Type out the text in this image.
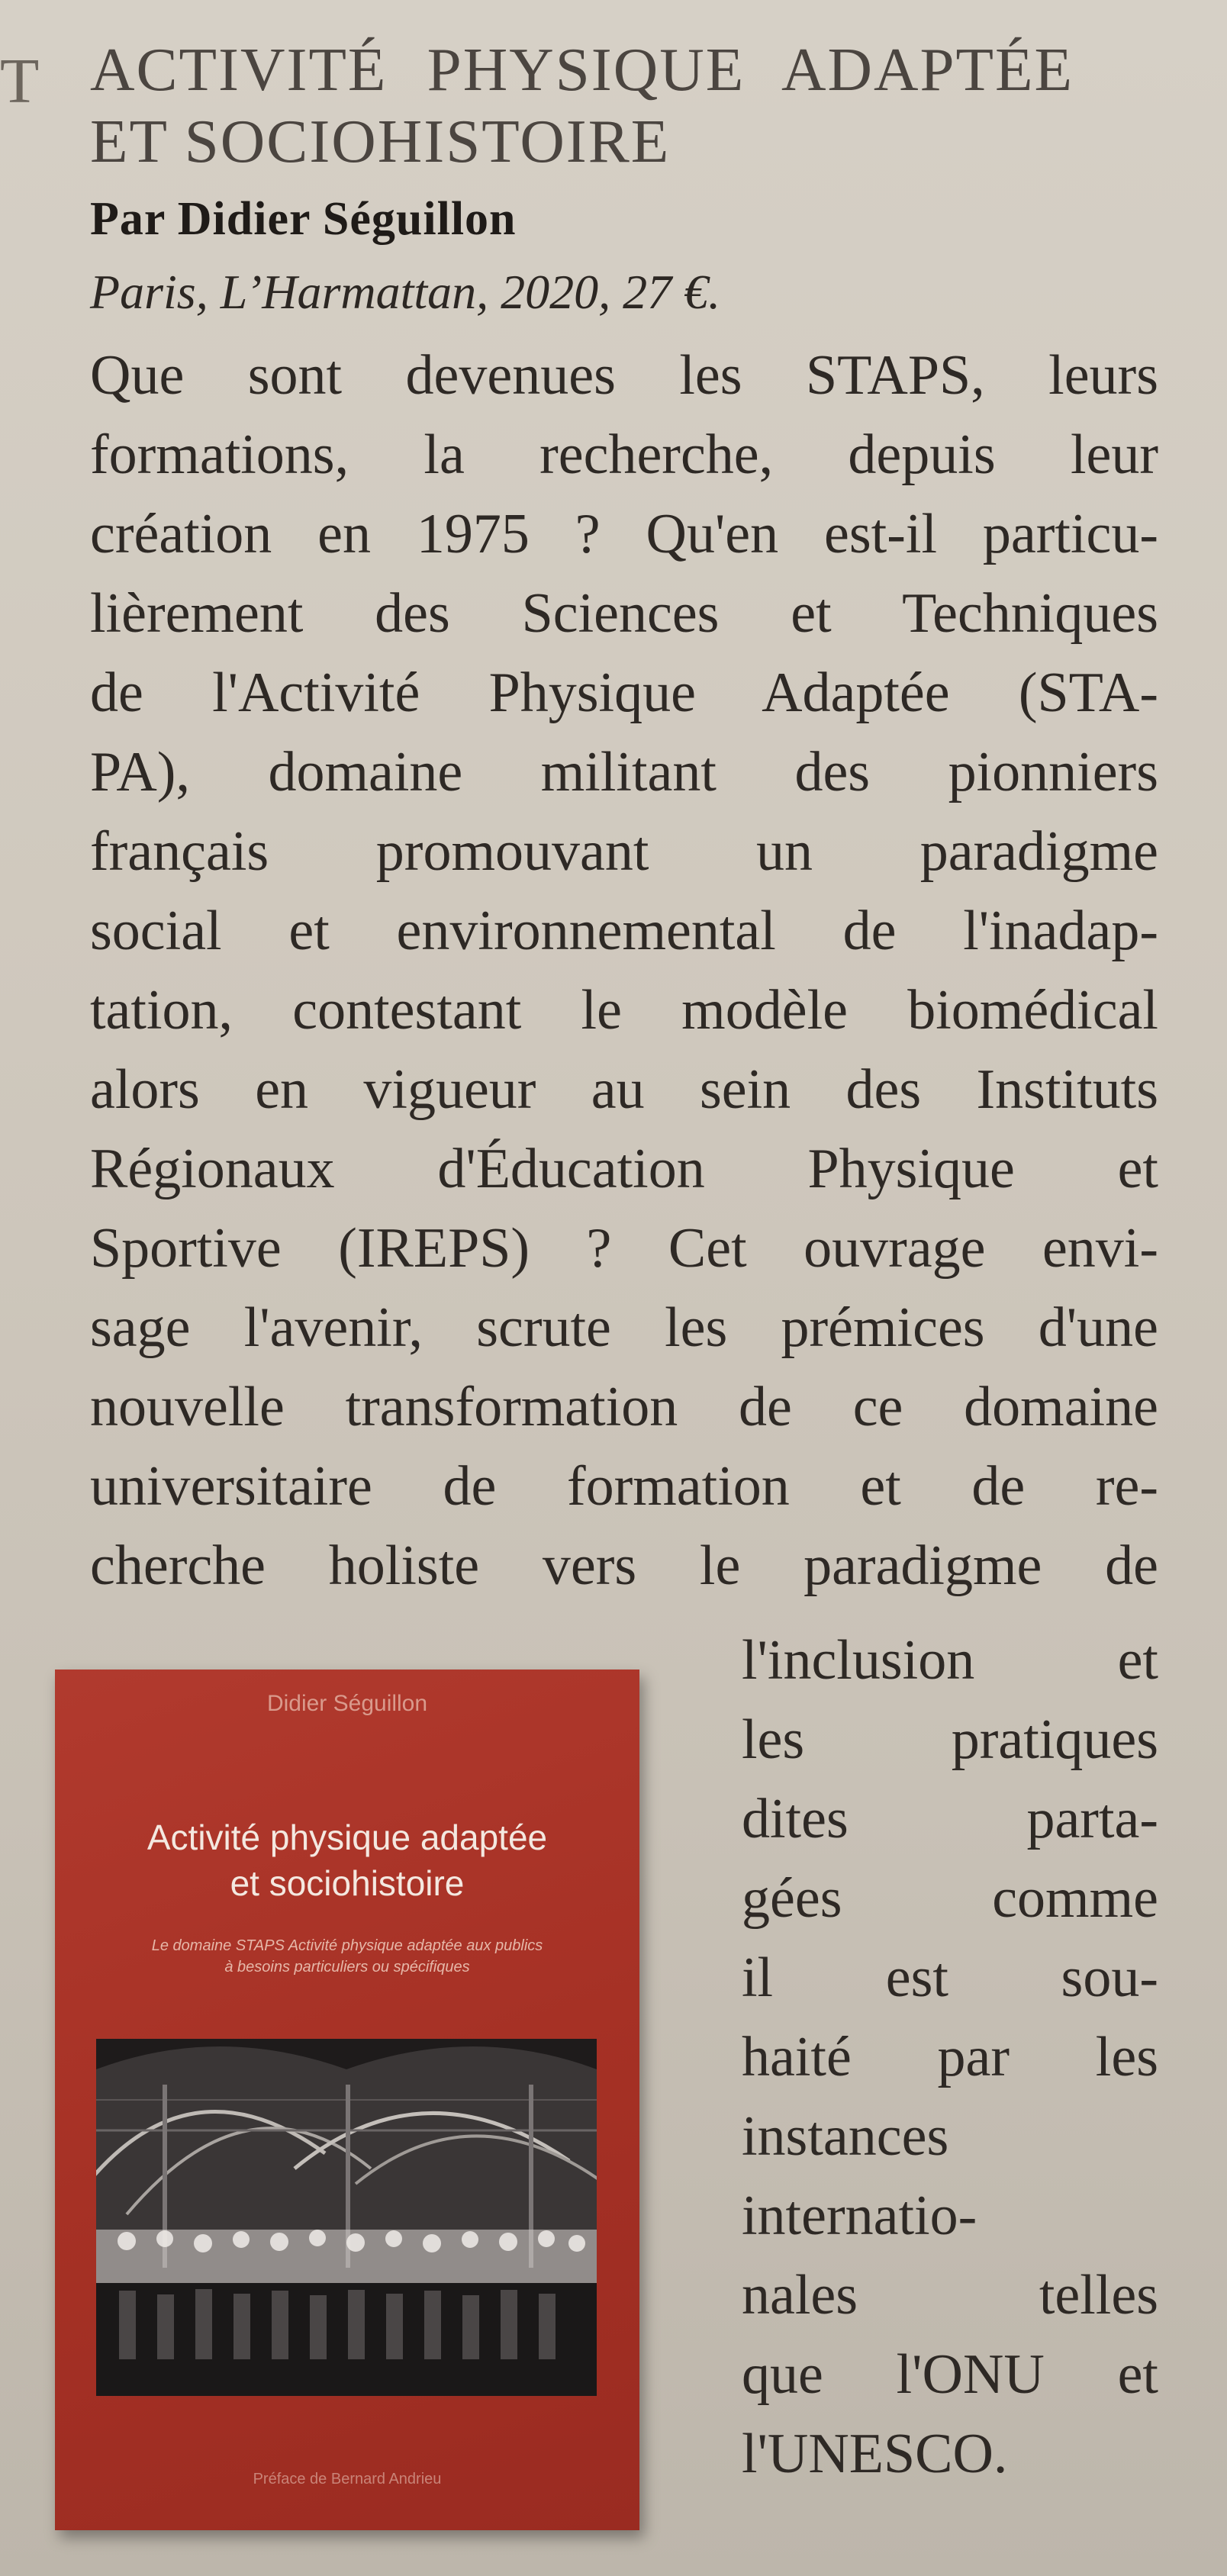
T ACTIVITÉ PHYSIQUE ADAPTÉE
ET SOCIOHISTOIRE
Par Didier Séguillon
Paris, L’Harmattan, 2020, 27 €.
Que sont devenues les STAPS, leurs
formations, la recherche, depuis leur
création en 1975 ? Qu'en est-il particu-
lièrement des Sciences et Techniques
de l'Activité Physique Adaptée (STA-
PA), domaine militant des pionniers
français promouvant un paradigme
social et environnemental de l'inadap-
tation, contestant le modèle biomédical
alors en vigueur au sein des Instituts
Régionaux d'Éducation Physique et
Sportive (IREPS) ? Cet ouvrage envi-
sage l'avenir, scrute les prémices d'une
nouvelle transformation de ce domaine
universitaire de formation et de re-
cherche holiste vers le paradigme de
l'inclusion et
les pratiques
dites parta-
gées comme
il est sou-
haité par les
instances
internatio-
nales telles
que l'ONU et
l'UNESCO.
Didier Séguillon
Activité physique adaptée
et sociohistoire
Le domaine STAPS Activité physique adaptée aux publics
à besoins particuliers ou spécifiques
Préface de Bernard Andrieu
